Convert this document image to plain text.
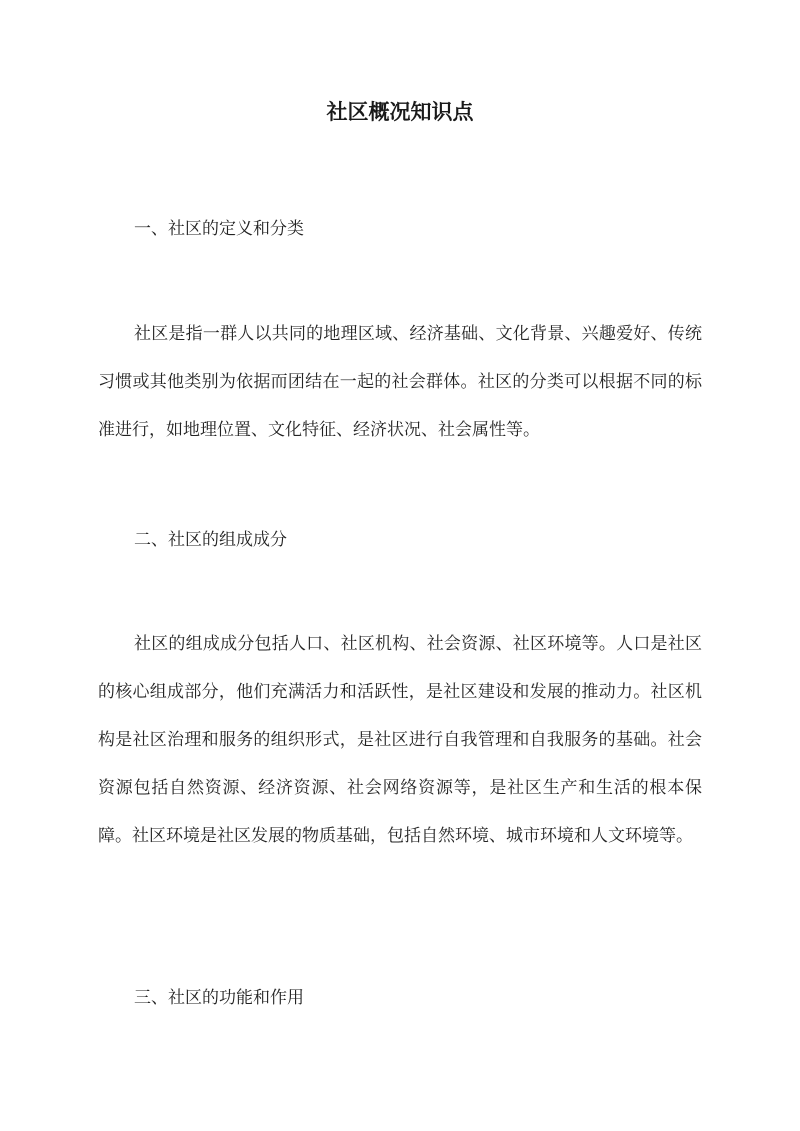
社区概况知识点
一、社区的定义和分类

社区是指一群人以共同的地理区域、经济基础、文化背景、兴趣爱好、传统习惯或其他类别为依据而团结在一起的社会群体。社区的分类可以根据不同的标准进行，如地理位置、文化特征、经济状况、社会属性等。

二、社区的组成成分

社区的组成成分包括人口、社区机构、社会资源、社区环境等。人口是社区的核心组成部分，他们充满活力和活跃性，是社区建设和发展的推动力。社区机构是社区治理和服务的组织形式，是社区进行自我管理和自我服务的基础。社会资源包括自然资源、经济资源、社会网络资源等，是社区生产和生活的根本保障。社区环境是社区发展的物质基础，包括自然环境、城市环境和人文环境等。

三、社区的功能和作用
